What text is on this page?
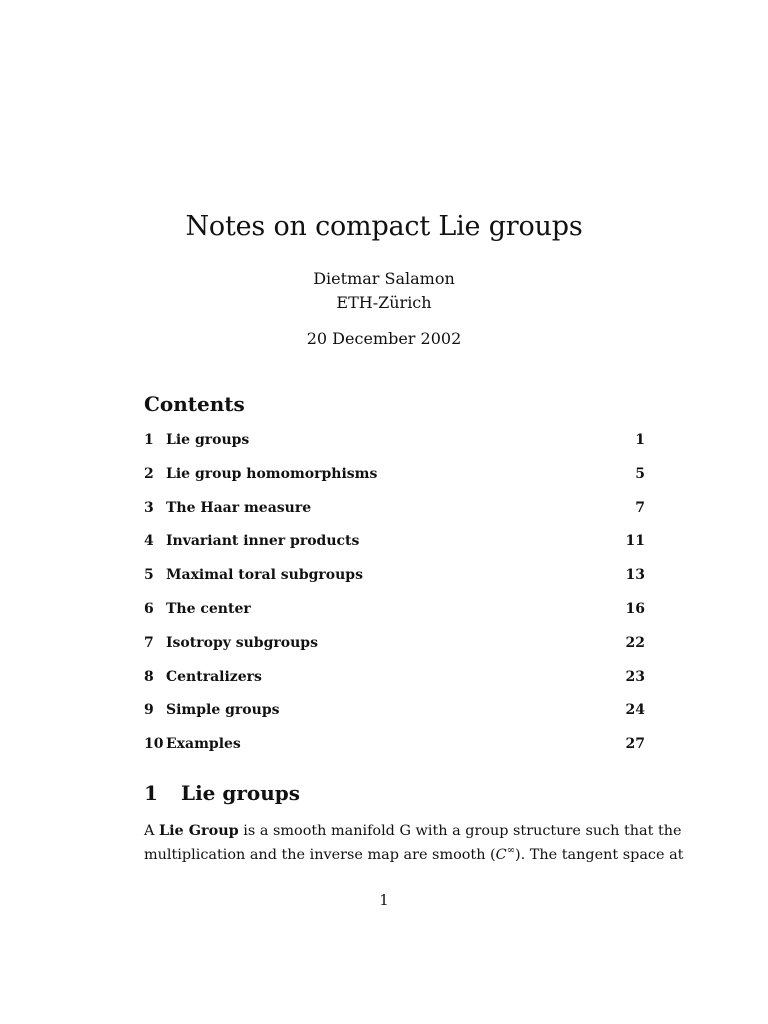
Notes on compact Lie groups
Dietmar Salamon
ETH-Zürich
20 December 2002
Contents
1 Lie groups	1
2 Lie group homomorphisms	5
3 The Haar measure	7
4 Invariant inner products	11
5 Maximal toral subgroups	13
6 The center	16
7 Isotropy subgroups	22
8 Centralizers	23
9 Simple groups	24
10 Examples	27
1 Lie groups
A Lie Group is a smooth manifold G with a group structure such that the
multiplication and the inverse map are smooth (C∞). The tangent space at
1
